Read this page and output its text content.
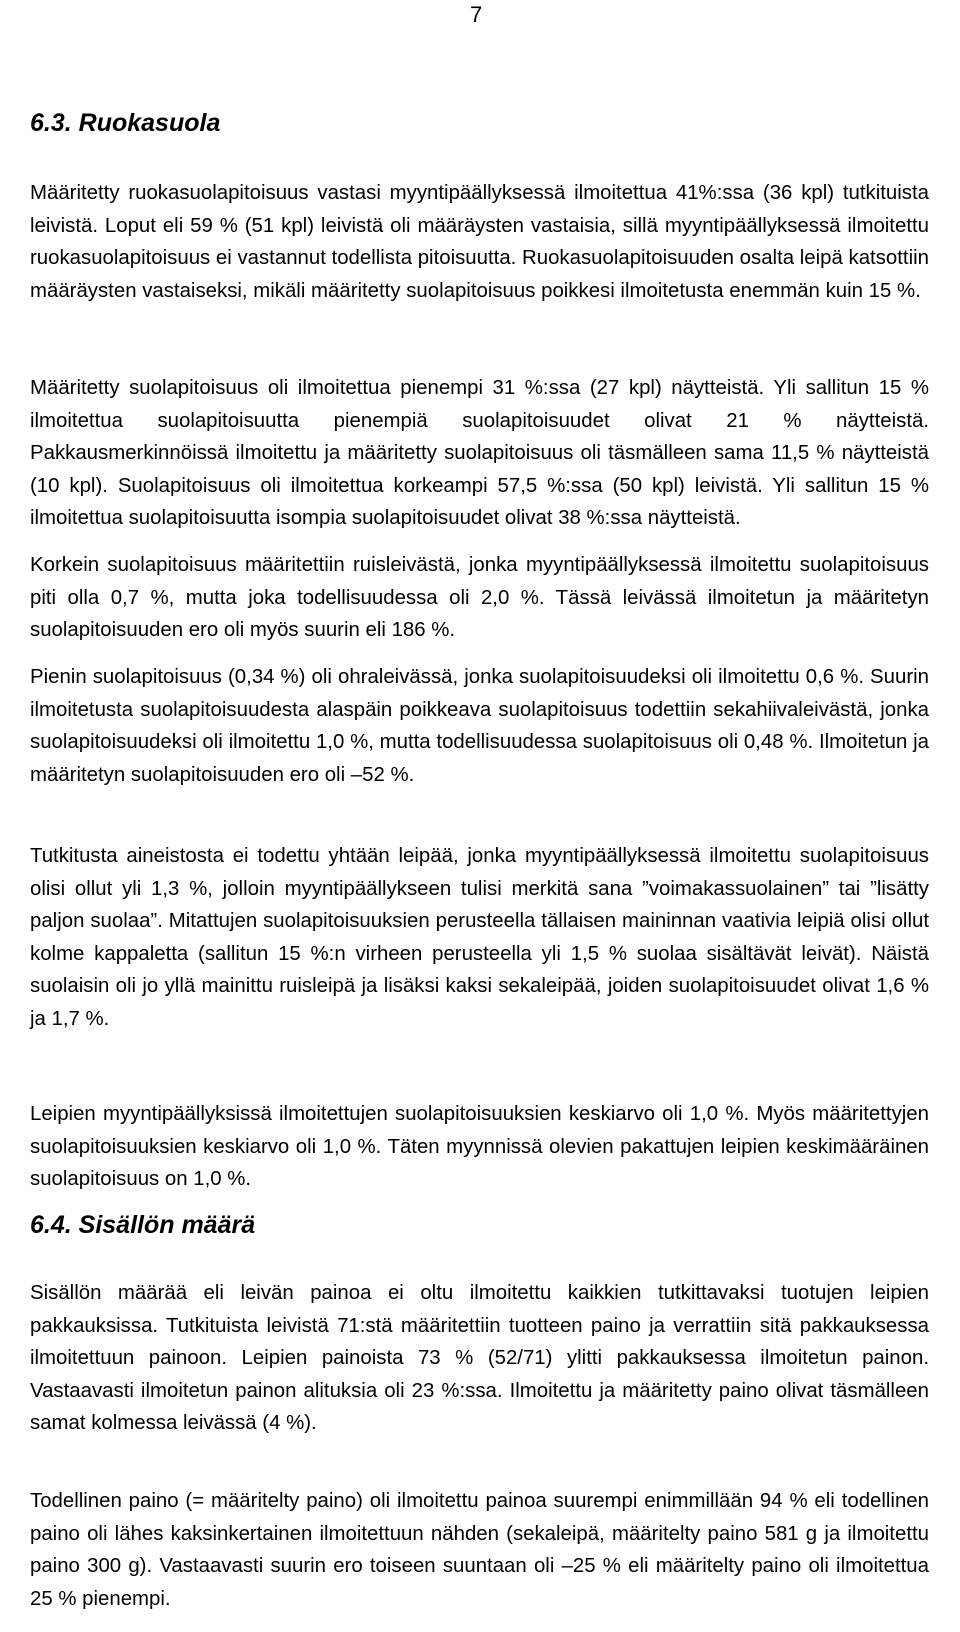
7
6.3. Ruokasuola

Määritetty ruokasuolapitoisuus vastasi myyntipäällyksessä ilmoitettua 41%:ssa (36 kpl) tutkituista leivistä. Loput eli 59 % (51 kpl) leivistä oli määräysten vastaisia, sillä myyntipäällyksessä ilmoitettu ruokasuolapitoisuus ei vastannut todellista pitoisuutta. Ruokasuolapitoisuuden osalta leipä katsottiin määräysten vastaiseksi, mikäli määritetty suolapitoisuus poikkesi ilmoitetusta enemmän kuin 15 %.

Määritetty suolapitoisuus oli ilmoitettua pienempi 31 %:ssa (27 kpl) näytteistä. Yli sallitun 15 % ilmoitettua suolapitoisuutta pienempiä suolapitoisuudet olivat 21 % näytteistä. Pakkausmerkinnöissä ilmoitettu ja määritetty suolapitoisuus oli täsmälleen sama 11,5 % näytteistä (10 kpl). Suolapitoisuus oli ilmoitettua korkeampi 57,5 %:ssa (50 kpl) leivistä. Yli sallitun 15 % ilmoitettua suolapitoisuutta isompia suolapitoisuudet olivat 38 %:ssa näytteistä.

Korkein suolapitoisuus määritettiin ruisleivästä, jonka myyntipäällyksessä ilmoitettu suolapitoisuus piti olla 0,7 %, mutta joka todellisuudessa oli 2,0 %. Tässä leivässä ilmoitetun ja määritetyn suolapitoisuuden ero oli myös suurin eli 186 %.

Pienin suolapitoisuus (0,34 %) oli ohraleivässä, jonka suolapitoisuudeksi oli ilmoitettu 0,6 %. Suurin ilmoitetusta suolapitoisuudesta alaspäin poikkeava suolapitoisuus todettiin sekahiivaleivästä, jonka suolapitoisuudeksi oli ilmoitettu 1,0 %, mutta todellisuudessa suolapitoisuus oli 0,48 %. Ilmoitetun ja määritetyn suolapitoisuuden ero oli –52 %.

Tutkitusta aineistosta ei todettu yhtään leipää, jonka myyntipäällyksessä ilmoitettu suolapitoisuus olisi ollut yli 1,3 %, jolloin myyntipäällykseen tulisi merkitä sana ”voimakassuolainen” tai ”lisätty paljon suolaa”. Mitattujen suolapitoisuuksien perusteella tällaisen maininnan vaativia leipiä olisi ollut kolme kappaletta (sallitun 15 %:n virheen perusteella yli 1,5 % suolaa sisältävät leivät). Näistä suolaisin oli jo yllä mainittu ruisleipä ja lisäksi kaksi sekaleipää, joiden suolapitoisuudet olivat 1,6 % ja 1,7 %.

Leipien myyntipäällyksissä ilmoitettujen suolapitoisuuksien keskiarvo oli 1,0 %. Myös määritettyjen suolapitoisuuksien keskiarvo oli 1,0 %. Täten myynnissä olevien pakattujen leipien keskimääräinen suolapitoisuus on 1,0 %.

6.4. Sisällön määrä

Sisällön määrää eli leivän painoa ei oltu ilmoitettu kaikkien tutkittavaksi tuotujen leipien pakkauksissa. Tutkituista leivistä 71:stä määritettiin tuotteen paino ja verrattiin sitä pakkauksessa ilmoitettuun painoon. Leipien painoista 73 % (52/71) ylitti pakkauksessa ilmoitetun painon. Vastaavasti ilmoitetun painon alituksia oli 23 %:ssa. Ilmoitettu ja määritetty paino olivat täsmälleen samat kolmessa leivässä (4 %).

Todellinen paino (= määritelty paino) oli ilmoitettu painoa suurempi enimmillään 94 % eli todellinen paino oli lähes kaksinkertainen ilmoitettuun nähden (sekaleipä, määritelty paino 581 g ja ilmoitettu paino 300 g). Vastaavasti suurin ero toiseen suuntaan oli –25 % eli määritelty paino oli ilmoitettua 25 % pienempi.
